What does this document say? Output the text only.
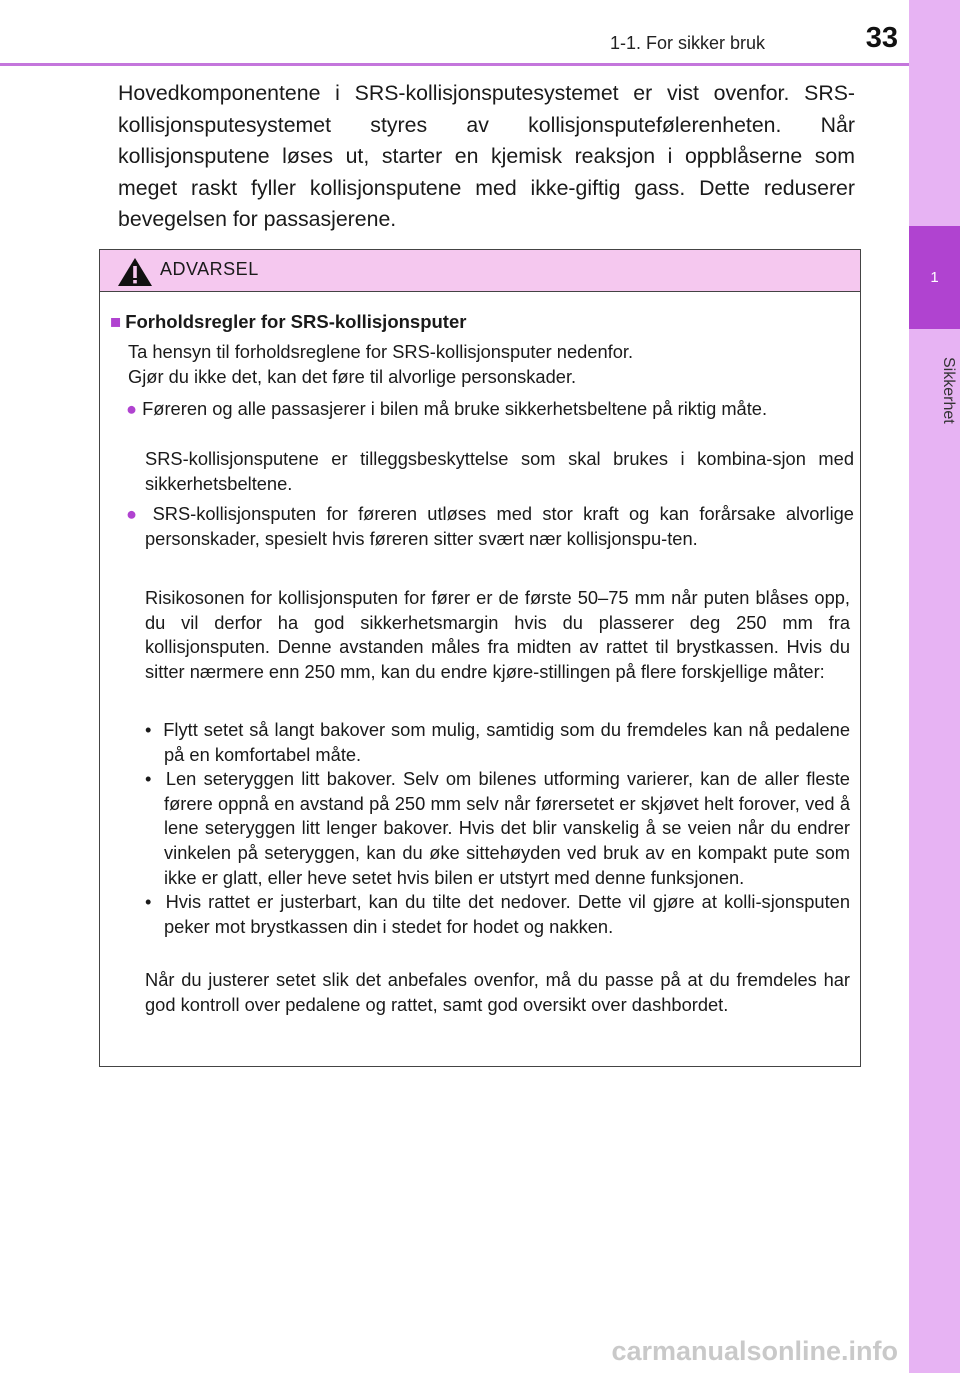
1
Sikkerhet
1-1. For sikker bruk	33

Hovedkomponentene i SRS-kollisjonsputesystemet er vist ovenfor. SRS-kollisjonsputesystemet styres av kollisjonsputefølerenheten. Når kollisjonsputene løses ut, starter en kjemisk reaksjon i oppblåserne som meget raskt fyller kollisjonsputene med ikke-giftig gass. Dette reduserer bevegelsen for passasjerene.

ADVARSEL
■ Forholdsregler for SRS-kollisjonsputer

Ta hensyn til forholdsreglene for SRS-kollisjonsputer nedenfor.

Gjør du ikke det, kan det føre til alvorlige personskader.

● Føreren og alle passasjerer i bilen må bruke sikkerhetsbeltene på riktig måte.

SRS-kollisjonsputene er tilleggsbeskyttelse som skal brukes i kombina-sjon med sikkerhetsbeltene.

● SRS-kollisjonsputen for føreren utløses med stor kraft og kan forårsake alvorlige personskader, spesielt hvis føreren sitter svært nær kollisjonspu-ten.

Risikosonen for kollisjonsputen for fører er de første 50–75 mm når puten blåses opp, du vil derfor ha god sikkerhetsmargin hvis du plasserer deg 250 mm fra kollisjonsputen. Denne avstanden måles fra midten av rattet til brystkassen. Hvis du sitter nærmere enn 250 mm, kan du endre kjøre-stillingen på flere forskjellige måter:

• Flytt setet så langt bakover som mulig, samtidig som du fremdeles kan nå pedalene på en komfortabel måte.
• Len seteryggen litt bakover. Selv om bilenes utforming varierer, kan de aller fleste førere oppnå en avstand på 250 mm selv når førersetet er skjøvet helt forover, ved å lene seteryggen litt lenger bakover. Hvis det blir vanskelig å se veien når du endrer vinkelen på seteryggen, kan du øke sittehøyden ved bruk av en kompakt pute som ikke er glatt, eller heve setet hvis bilen er utstyrt med denne funksjonen.
• Hvis rattet er justerbart, kan du tilte det nedover. Dette vil gjøre at kolli-sjonsputen peker mot brystkassen din i stedet for hodet og nakken.

Når du justerer setet slik det anbefales ovenfor, må du passe på at du fremdeles har god kontroll over pedalene og rattet, samt god oversikt over dashbordet.

carmanualsonline.info
